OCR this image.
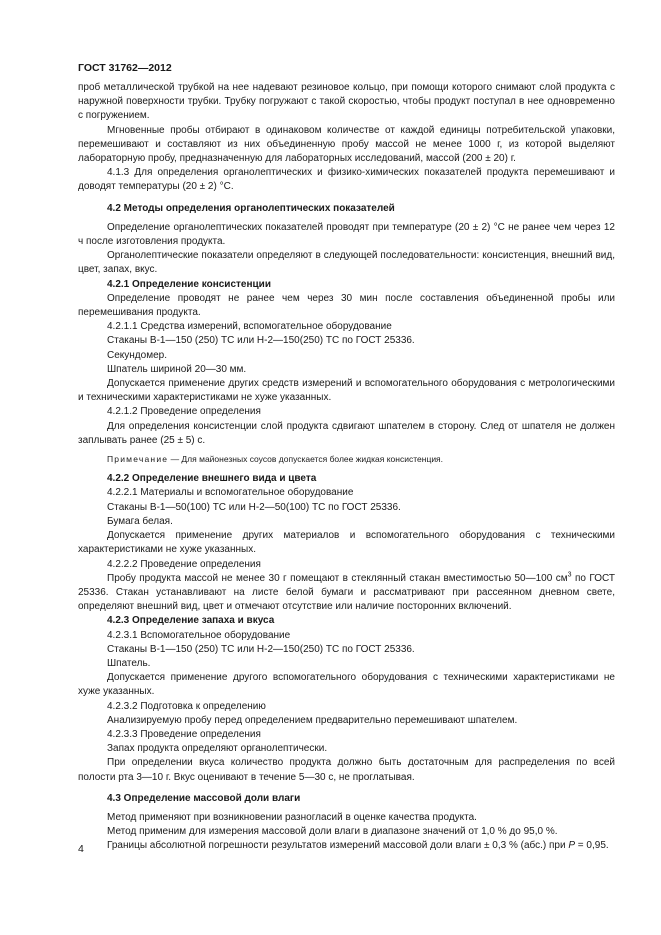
ГОСТ 31762—2012

проб металлической трубкой на нее надевают резиновое кольцо, при помощи которого снимают слой продукта с наружной поверхности трубки. Трубку погружают с такой скоростью, чтобы продукт поступал в нее одновременно с погружением.

Мгновенные пробы отбирают в одинаковом количестве от каждой единицы потребительской упаковки, перемешивают и составляют из них объединенную пробу массой не менее 1000 г, из которой выделяют лабораторную пробу, предназначенную для лабораторных исследований, массой (200 ± 20) г.

4.1.3 Для определения органолептических и физико-химических показателей продукта перемешивают и доводят температуры (20 ± 2) °С.

4.2 Методы определения органолептических показателей

Определение органолептических показателей проводят при температуре (20 ± 2) °С не ранее чем через 12 ч после изготовления продукта.

Органолептические показатели определяют в следующей последовательности: консистенция, внешний вид, цвет, запах, вкус.

4.2.1 Определение консистенции

Определение проводят не ранее чем через 30 мин после составления объединенной пробы или перемешивания продукта.

4.2.1.1 Средства измерений, вспомогательное оборудование

Стаканы В-1—150 (250) ТС или Н-2—150(250) ТС по ГОСТ 25336.

Секундомер.

Шпатель шириной 20—30 мм.

Допускается применение других средств измерений и вспомогательного оборудования с метрологическими и техническими характеристиками не хуже указанных.

4.2.1.2 Проведение определения

Для определения консистенции слой продукта сдвигают шпателем в сторону. След от шпателя не должен заплывать ранее (25 ± 5) с.

Примечание — Для майонезных соусов допускается более жидкая консистенция.

4.2.2 Определение внешнего вида и цвета

4.2.2.1 Материалы и вспомогательное оборудование

Стаканы В-1—50(100) ТС или Н-2—50(100) ТС по ГОСТ 25336.

Бумага белая.

Допускается применение других материалов и вспомогательного оборудования с техническими характеристиками не хуже указанных.

4.2.2.2 Проведение определения

Пробу продукта массой не менее 30 г помещают в стеклянный стакан вместимостью 50—100 $см^3$ по ГОСТ 25336. Стакан устанавливают на листе белой бумаги и рассматривают при рассеянном дневном свете, определяют внешний вид, цвет и отмечают отсутствие или наличие посторонних включений.

4.2.3 Определение запаха и вкуса

4.2.3.1 Вспомогательное оборудование

Стаканы В-1—150 (250) ТС или Н-2—150(250) ТС по ГОСТ 25336.

Шпатель.

Допускается применение другого вспомогательного оборудования с техническими характеристиками не хуже указанных.

4.2.3.2 Подготовка к определению

Анализируемую пробу перед определением предварительно перемешивают шпателем.

4.2.3.3 Проведение определения

Запах продукта определяют органолептически.

При определении вкуса количество продукта должно быть достаточным для распределения по всей полости рта 3—10 г. Вкус оценивают в течение 5—30 с, не проглатывая.

4.3 Определение массовой доли влаги

Метод применяют при возникновении разногласий в оценке качества продукта.

Метод применим для измерения массовой доли влаги в диапазоне значений от 1,0 % до 95,0 %.

Границы абсолютной погрешности результатов измерений массовой доли влаги ± 0,3 % (абс.) при P = 0,95.

4
